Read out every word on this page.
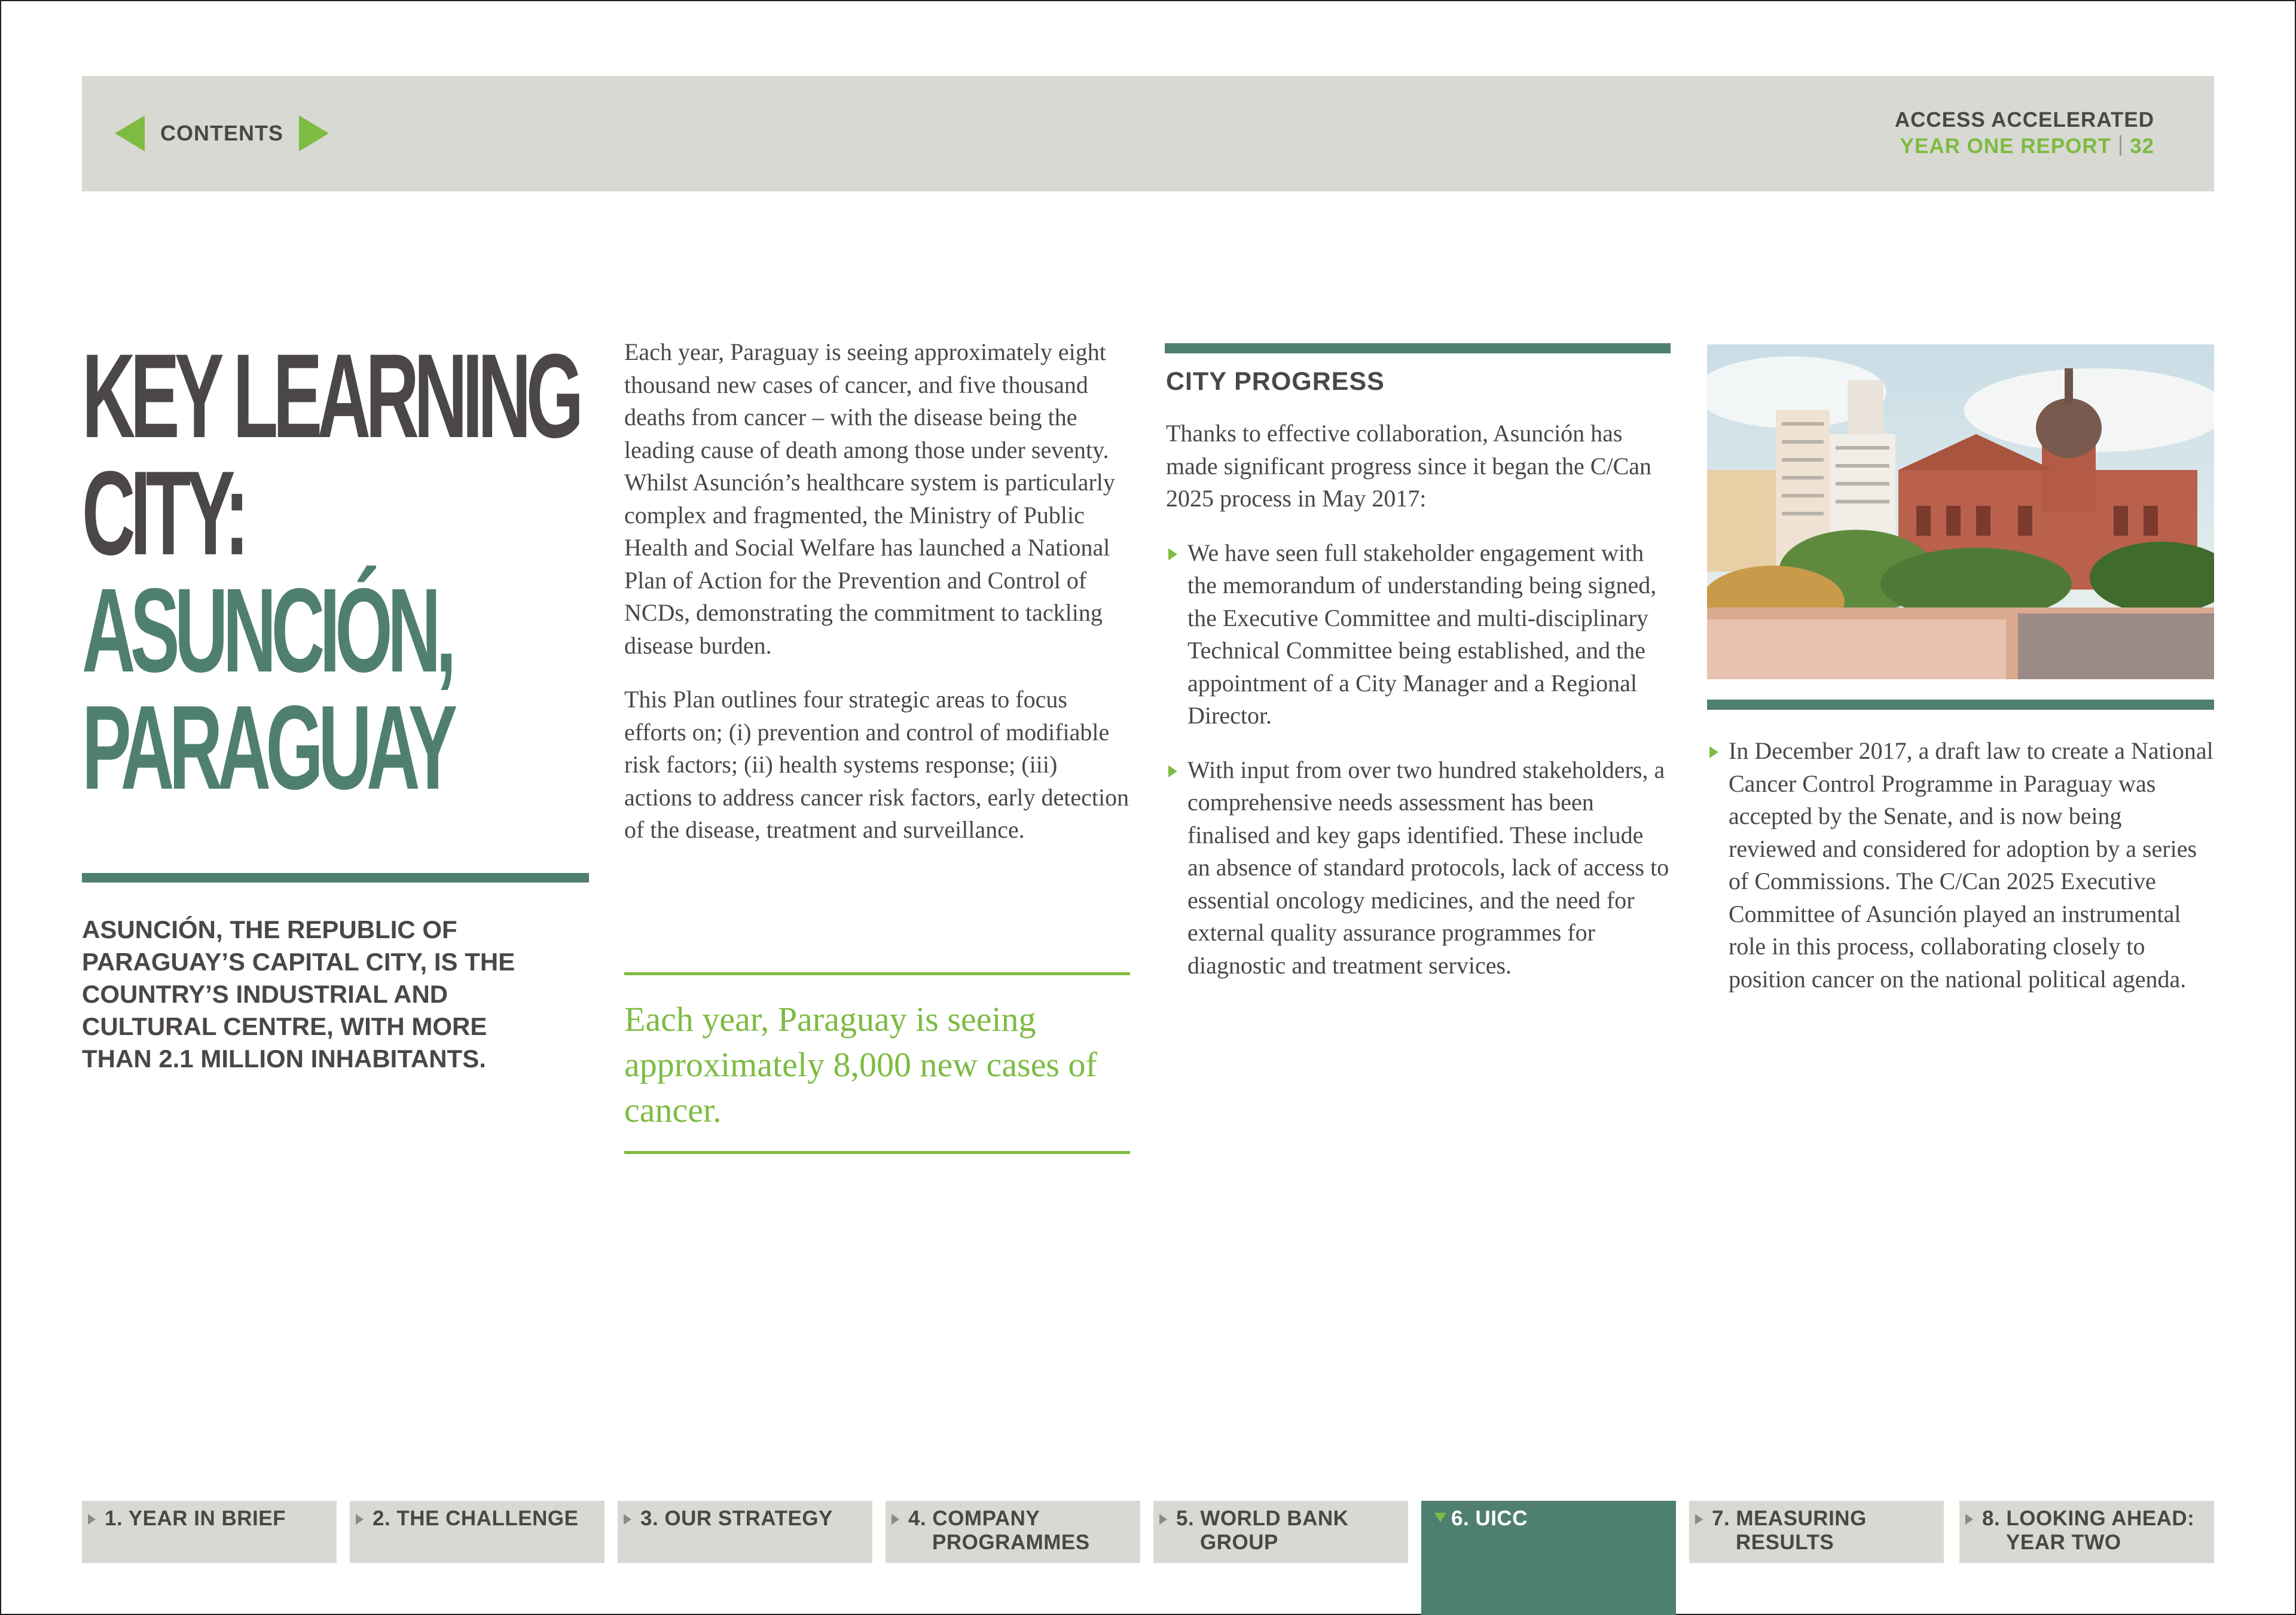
CONTENTS
ACCESS ACCELERATED
YEAR ONE REPORT 32
KEY LEARNING
CITY:
ASUNCIÓN,
PARAGUAY
ASUNCIÓN, THE REPUBLIC OF PARAGUAY’S CAPITAL CITY, IS THE COUNTRY’S INDUSTRIAL AND CULTURAL CENTRE, WITH MORE THAN 2.1 MILLION INHABITANTS.

Each year, Paraguay is seeing approximately eight thousand new cases of cancer, and five thousand deaths from cancer – with the disease being the leading cause of death among those under seventy. Whilst Asunción’s healthcare system is particularly complex and fragmented, the Ministry of Public Health and Social Welfare has launched a National Plan of Action for the Prevention and Control of NCDs, demonstrating the commitment to tackling disease burden.

This Plan outlines four strategic areas to focus efforts on; (i) prevention and control of modifiable risk factors; (ii) health systems response; (iii) actions to address cancer risk factors, early detection of the disease, treatment and surveillance.

Each year, Paraguay is seeing approximately 8,000 new cases of cancer.
CITY PROGRESS

Thanks to effective collaboration, Asunción has made significant progress since it began the C/Can 2025 process in May 2017:

We have seen full stakeholder engagement with the memorandum of understanding being signed, the Executive Committee and multi-disciplinary Technical Committee being established, and the appointment of a City Manager and a Regional Director.
With input from over two hundred stakeholders, a comprehensive needs assessment has been finalised and key gaps identified. These include an absence of standard protocols, lack of access to essential oncology medicines, and the need for external quality assurance programmes for diagnostic and treatment services.
In December 2017, a draft law to create a National Cancer Control Programme in Paraguay was accepted by the Senate, and is now being reviewed and considered for adoption by a series of Commissions. The C/Can 2025 Executive Committee of Asunción played an instrumental role in this process, collaborating closely to position cancer on the national political agenda.
1. YEAR IN BRIEF	2. THE CHALLENGE	3. OUR STRATEGY	4. COMPANY
PROGRAMMES
5. WORLD BANK
GROUP
6. UICC	7. MEASURING
RESULTS
8. LOOKING AHEAD:
YEAR TWO
